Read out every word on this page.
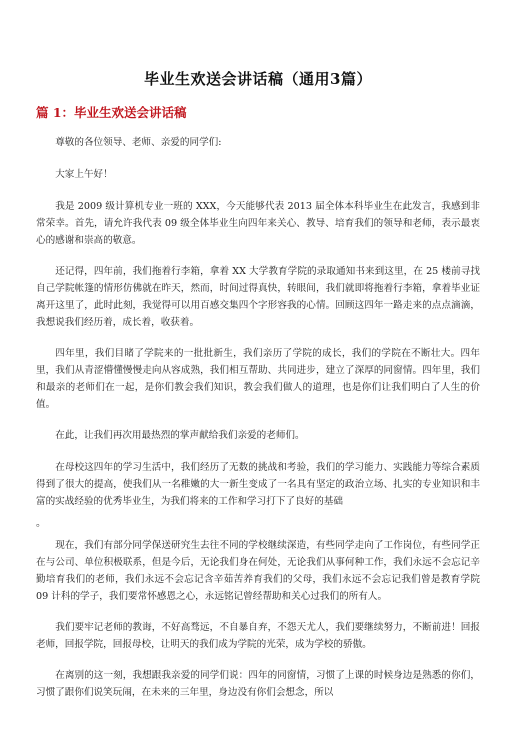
毕业生欢送会讲话稿（通用3篇）
篇 1：毕业生欢送会讲话稿

尊敬的各位领导、老师、亲爱的同学们:

大家上午好！

我是 2009 级计算机专业一班的 XXX，今天能够代表 2013 届全体本科毕业生在此发言，我感到非常荣幸。首先，请允许我代表 09 级全体毕业生向四年来关心、教导、培育我们的领导和老师，表示最衷心的感谢和崇高的敬意。

还记得，四年前，我们拖着行李箱，拿着 XX 大学教育学院的录取通知书来到这里，在 25 楼前寻找自己学院帐篷的情形仿佛就在昨天，然而，时间过得真快，转眼间，我们就即将拖着行李箱，拿着毕业证离开这里了，此时此刻，我觉得可以用百感交集四个字形容我的心情。回顾这四年一路走来的点点滴滴，我想说我们经历着，成长着，收获着。

四年里，我们目睹了学院来的一批批新生，我们亲历了学院的成长，我们的学院在不断壮大。四年里，我们从青涩懵懂慢慢走向从容成熟，我们相互帮助、共同进步，建立了深厚的同窗情。四年里，我们和最亲的老师们在一起，是你们教会我们知识，教会我们做人的道理，也是你们让我们明白了人生的价值。

在此，让我们再次用最热烈的掌声献给我们亲爱的老师们。

在母校这四年的学习生活中，我们经历了无数的挑战和考验，我们的学习能力、实践能力等综合素质得到了很大的提高，使我们从一名稚嫩的大一新生变成了一名具有坚定的政治立场、扎实的专业知识和丰富的实战经验的优秀毕业生，为我们将来的工作和学习打下了良好的基础

。

现在，我们有部分同学保送研究生去往不同的学校继续深造，有些同学走向了工作岗位，有些同学正在与公司、单位积极联系，但是今后，无论我们身在何处，无论我们从事何种工作，我们永远不会忘记辛勤培育我们的老师，我们永远不会忘记含辛茹苦养育我们的父母，我们永远不会忘记我们曾是教育学院 09 计科的学子，我们要常怀感恩之心，永远铭记曾经帮助和关心过我们的所有人。

我们要牢记老师的教诲，不好高骛远，不自暴自弃，不怨天尤人，我们要继续努力，不断前进！回报老师，回报学院，回报母校，让明天的我们成为学院的光荣，成为学校的骄傲。

在离别的这一刻，我想跟我亲爱的同学们说：四年的同窗情，习惯了上课的时候身边是熟悉的你们，习惯了跟你们说笑玩闹，在未来的三年里，身边没有你们会想念，所以
